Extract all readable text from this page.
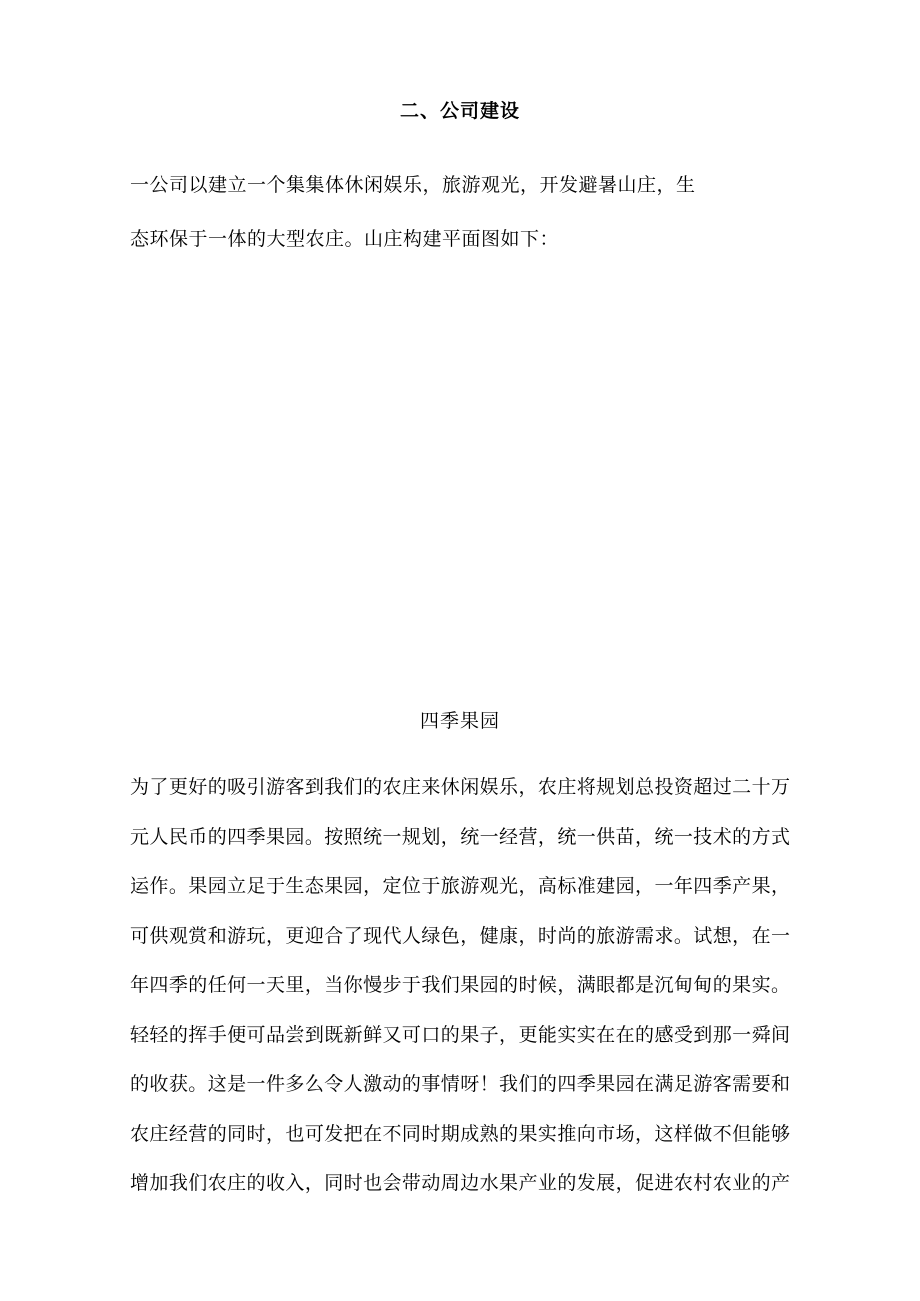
二、公司建设
一公司以建立一个集集体休闲娱乐，旅游观光，开发避暑山庄，生
态环保于一体的大型农庄。山庄构建平面图如下：
四季果园
为了更好的吸引游客到我们的农庄来休闲娱乐，农庄将规划总投资超过二十万
元人民币的四季果园。按照统一规划，统一经营，统一供苗，统一技术的方式
运作。果园立足于生态果园，定位于旅游观光，高标准建园，一年四季产果，
可供观赏和游玩，更迎合了现代人绿色，健康，时尚的旅游需求。试想，在一
年四季的任何一天里，当你慢步于我们果园的时候，满眼都是沉甸甸的果实。
轻轻的挥手便可品尝到既新鲜又可口的果子，更能实实在在的感受到那一舜间
的收获。这是一件多么令人激动的事情呀！我们的四季果园在满足游客需要和
农庄经营的同时，也可发把在不同时期成熟的果实推向市场，这样做不但能够
增加我们农庄的收入，同时也会带动周边水果产业的发展，促进农村农业的产
